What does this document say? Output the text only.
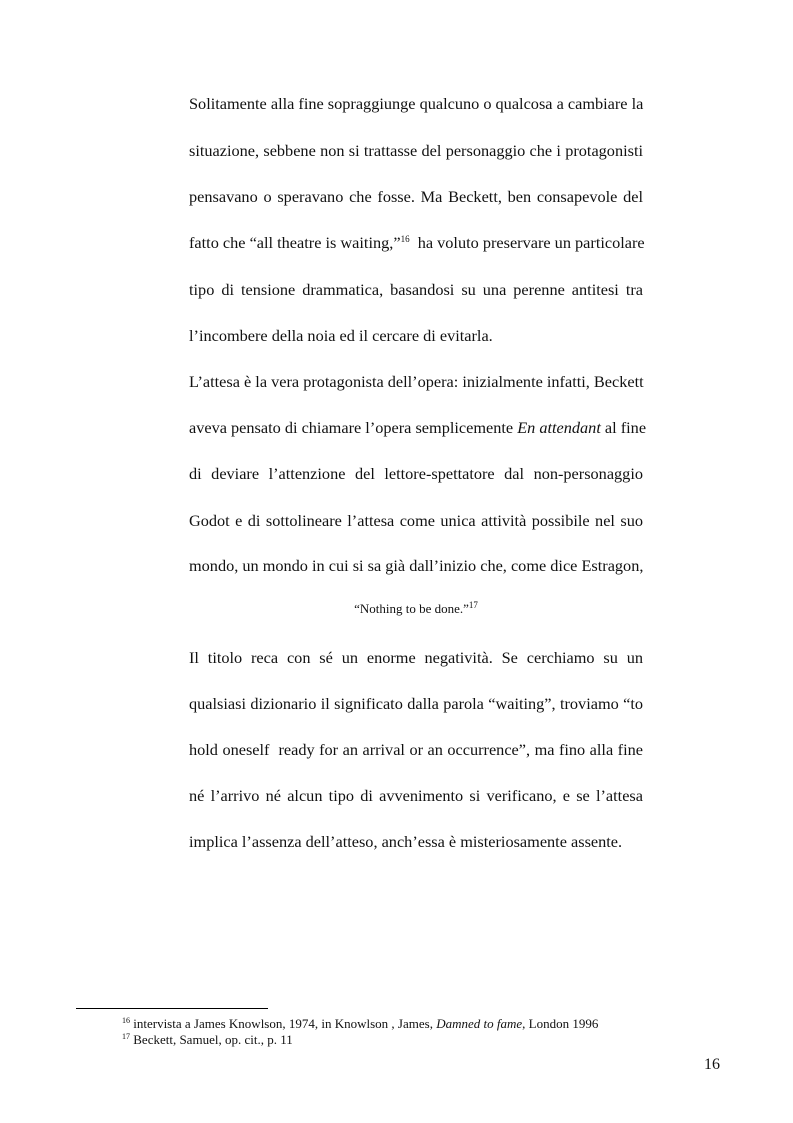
Solitamente alla fine sopraggiunge qualcuno o qualcosa a cambiare la
situazione, sebbene non si trattasse del personaggio che i protagonisti
pensavano o speravano che fosse. Ma Beckett, ben consapevole del
fatto che “all theatre is waiting,”$^{16}$  ha voluto preservare un particolare
tipo di tensione drammatica, basandosi su una perenne antitesi tra
l’incombere della noia ed il cercare di evitarla.
L’attesa è la vera protagonista dell’opera: inizialmente infatti, Beckett
aveva pensato di chiamare l’opera semplicemente En attendant al fine
di deviare l’attenzione del lettore-spettatore dal non-personaggio
Godot e di sottolineare l’attesa come unica attività possibile nel suo
mondo, un mondo in cui si sa già dall’inizio che, come dice Estragon,
“Nothing to be done.”$^{17}$
Il titolo reca con sé un enorme negatività. Se cerchiamo su un
qualsiasi dizionario il significato dalla parola “waiting”, troviamo “to
hold oneself  ready for an arrival or an occurrence”, ma fino alla fine
né l’arrivo né alcun tipo di avvenimento si verificano, e se l’attesa
implica l’assenza dell’atteso, anch’essa è misteriosamente assente.
$^{16}$ intervista a James Knowlson, 1974, in Knowlson , James, Damned to fame, London 1996
$^{17}$ Beckett, Samuel, op. cit., p. 11
16
